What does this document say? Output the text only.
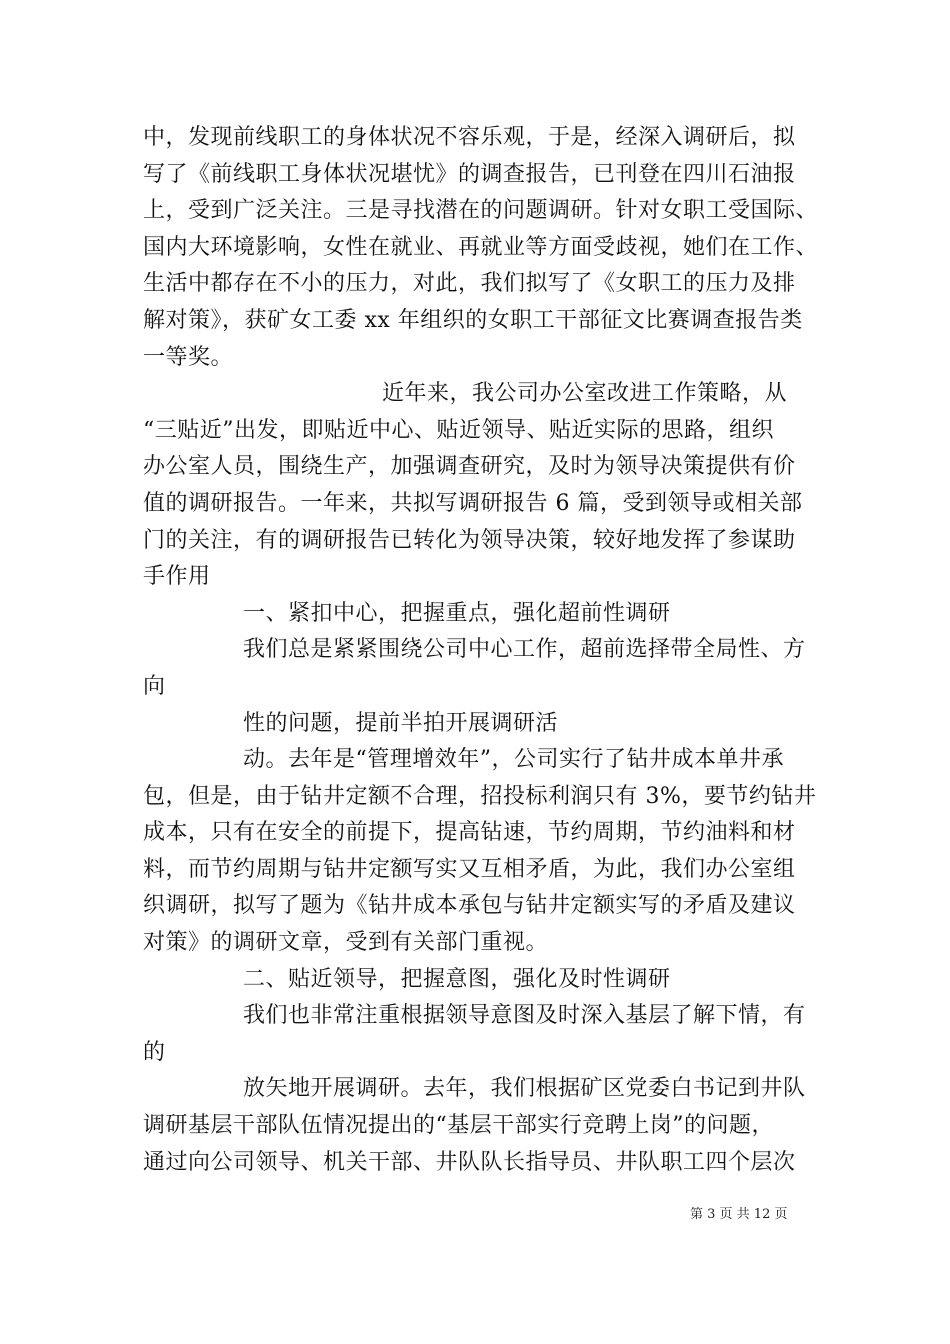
中，发现前线职工的身体状况不容乐观，于是，经深入调研后，拟
写了《前线职工身体状况堪忧》的调查报告，已刊登在四川石油报
上，受到广泛关注。三是寻找潜在的问题调研。针对女职工受国际、
国内大环境影响，女性在就业、再就业等方面受歧视，她们在工作、
生活中都存在不小的压力，对此，我们拟写了《女职工的压力及排
解对策》，获矿女工委 xx 年组织的女职工干部征文比赛调查报告类
一等奖。
近年来，我公司办公室改进工作策略，从
“三贴近”出发，即贴近中心、贴近领导、贴近实际的思路，组织
办公室人员，围绕生产，加强调查研究，及时为领导决策提供有价
值的调研报告。一年来，共拟写调研报告 6 篇，受到领导或相关部
门的关注，有的调研报告已转化为领导决策，较好地发挥了参谋助
手作用
一、紧扣中心，把握重点，强化超前性调研
我们总是紧紧围绕公司中心工作，超前选择带全局性、方
向
性的问题，提前半拍开展调研活
动。去年是“管理增效年”，公司实行了钻井成本单井承
包，但是，由于钻井定额不合理，招投标利润只有 3%，要节约钻井
成本，只有在安全的前提下，提高钻速，节约周期，节约油料和材
料，而节约周期与钻井定额写实又互相矛盾，为此，我们办公室组
织调研，拟写了题为《钻井成本承包与钻井定额实写的矛盾及建议
对策》的调研文章，受到有关部门重视。
二、贴近领导，把握意图，强化及时性调研
我们也非常注重根据领导意图及时深入基层了解下情，有
的
放矢地开展调研。去年，我们根据矿区党委白书记到井队
调研基层干部队伍情况提出的“基层干部实行竞聘上岗”的问题，
通过向公司领导、机关干部、井队队长指导员、井队职工四个层次
第 3 页 共 12 页
